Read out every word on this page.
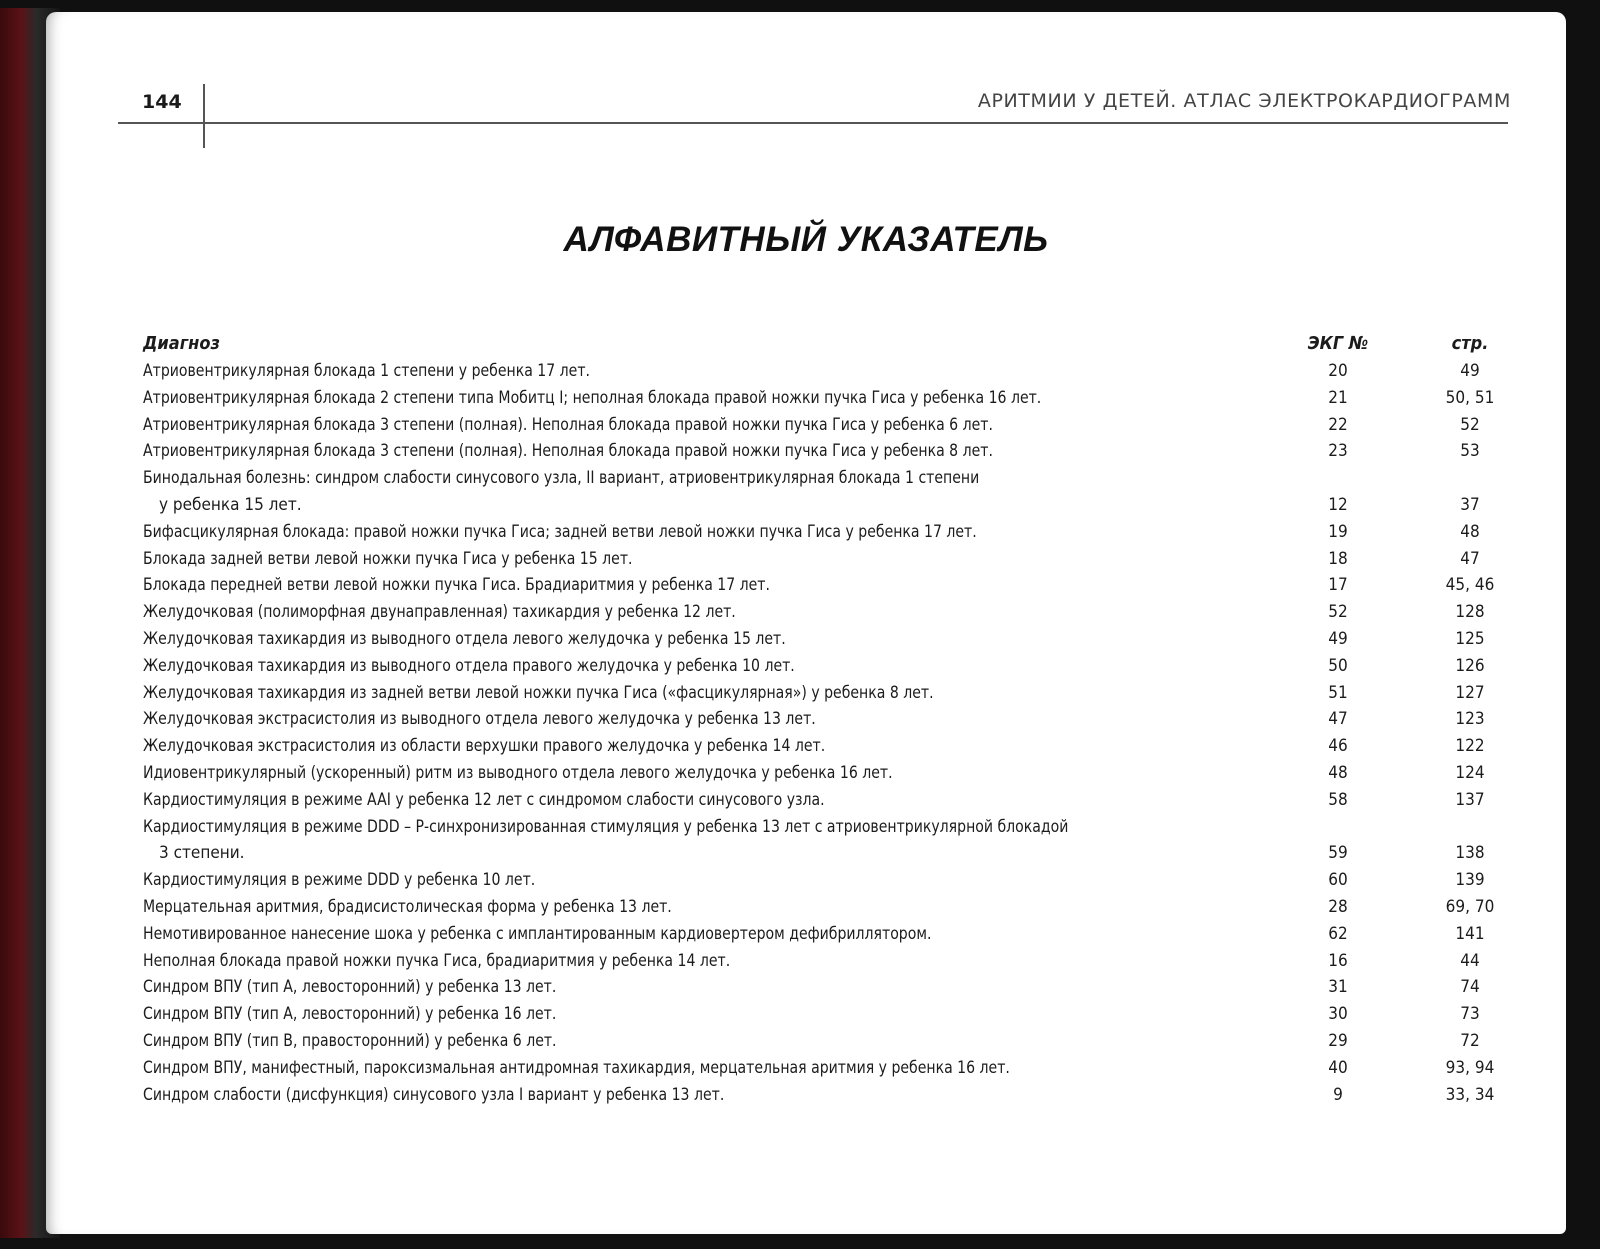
144	АРИТМИИ У ДЕТЕЙ. АТЛАС ЭЛЕКТРОКАРДИОГРАММ
АЛФАВИТНЫЙ УКАЗАТЕЛЬ
Диагноз	ЭКГ №	стр.
Атриовентрикулярная блокада 1 степени у ребенка 17 лет.	20	49
Атриовентрикулярная блокада 2 степени типа Мобитц I; неполная блокада правой ножки пучка Гиса у ребенка 16 лет.	21	50, 51
Атриовентрикулярная блокада 3 степени (полная). Неполная блокада правой ножки пучка Гиса у ребенка 6 лет.	22	52
Атриовентрикулярная блокада 3 степени (полная). Неполная блокада правой ножки пучка Гиса у ребенка 8 лет.	23	53
Бинодальная болезнь: синдром слабости синусового узла, II вариант, атриовентрикулярная блокада 1 степени
у ребенка 15 лет.	12	37
Бифасцикулярная блокада: правой ножки пучка Гиса; задней ветви левой ножки пучка Гиса у ребенка 17 лет.	19	48
Блокада задней ветви левой ножки пучка Гиса у ребенка 15 лет.	18	47
Блокада передней ветви левой ножки пучка Гиса. Брадиаритмия у ребенка 17 лет.	17	45, 46
Желудочковая (полиморфная двунаправленная) тахикардия у ребенка 12 лет.	52	128
Желудочковая тахикардия из выводного отдела левого желудочка у ребенка 15 лет.	49	125
Желудочковая тахикардия из выводного отдела правого желудочка у ребенка 10 лет.	50	126
Желудочковая тахикардия из задней ветви левой ножки пучка Гиса («фасцикулярная») у ребенка 8 лет.	51	127
Желудочковая экстрасистолия из выводного отдела левого желудочка у ребенка 13 лет.	47	123
Желудочковая экстрасистолия из области верхушки правого желудочка у ребенка 14 лет.	46	122
Идиовентрикулярный (ускоренный) ритм из выводного отдела левого желудочка у ребенка 16 лет.	48	124
Кардиостимуляция в режиме AAI у ребенка 12 лет с синдромом слабости синусового узла.	58	137
Кардиостимуляция в режиме DDD – Р-синхронизированная стимуляция у ребенка 13 лет с атриовентрикулярной блокадой
3 степени.	59	138
Кардиостимуляция в режиме DDD у ребенка 10 лет.	60	139
Мерцательная аритмия, брадисистолическая форма у ребенка 13 лет.	28	69, 70
Немотивированное нанесение шока у ребенка с имплантированным кардиовертером дефибриллятором.	62	141
Неполная блокада правой ножки пучка Гиса, брадиаритмия у ребенка 14 лет.	16	44
Синдром ВПУ (тип А, левосторонний) у ребенка 13 лет.	31	74
Синдром ВПУ (тип А, левосторонний) у ребенка 16 лет.	30	73
Синдром ВПУ (тип В, правосторонний) у ребенка 6 лет.	29	72
Синдром ВПУ, манифестный, пароксизмальная антидромная тахикардия, мерцательная аритмия у ребенка 16 лет.	40	93, 94
Синдром слабости (дисфункция) синусового узла I вариант у ребенка 13 лет.	9	33, 34
